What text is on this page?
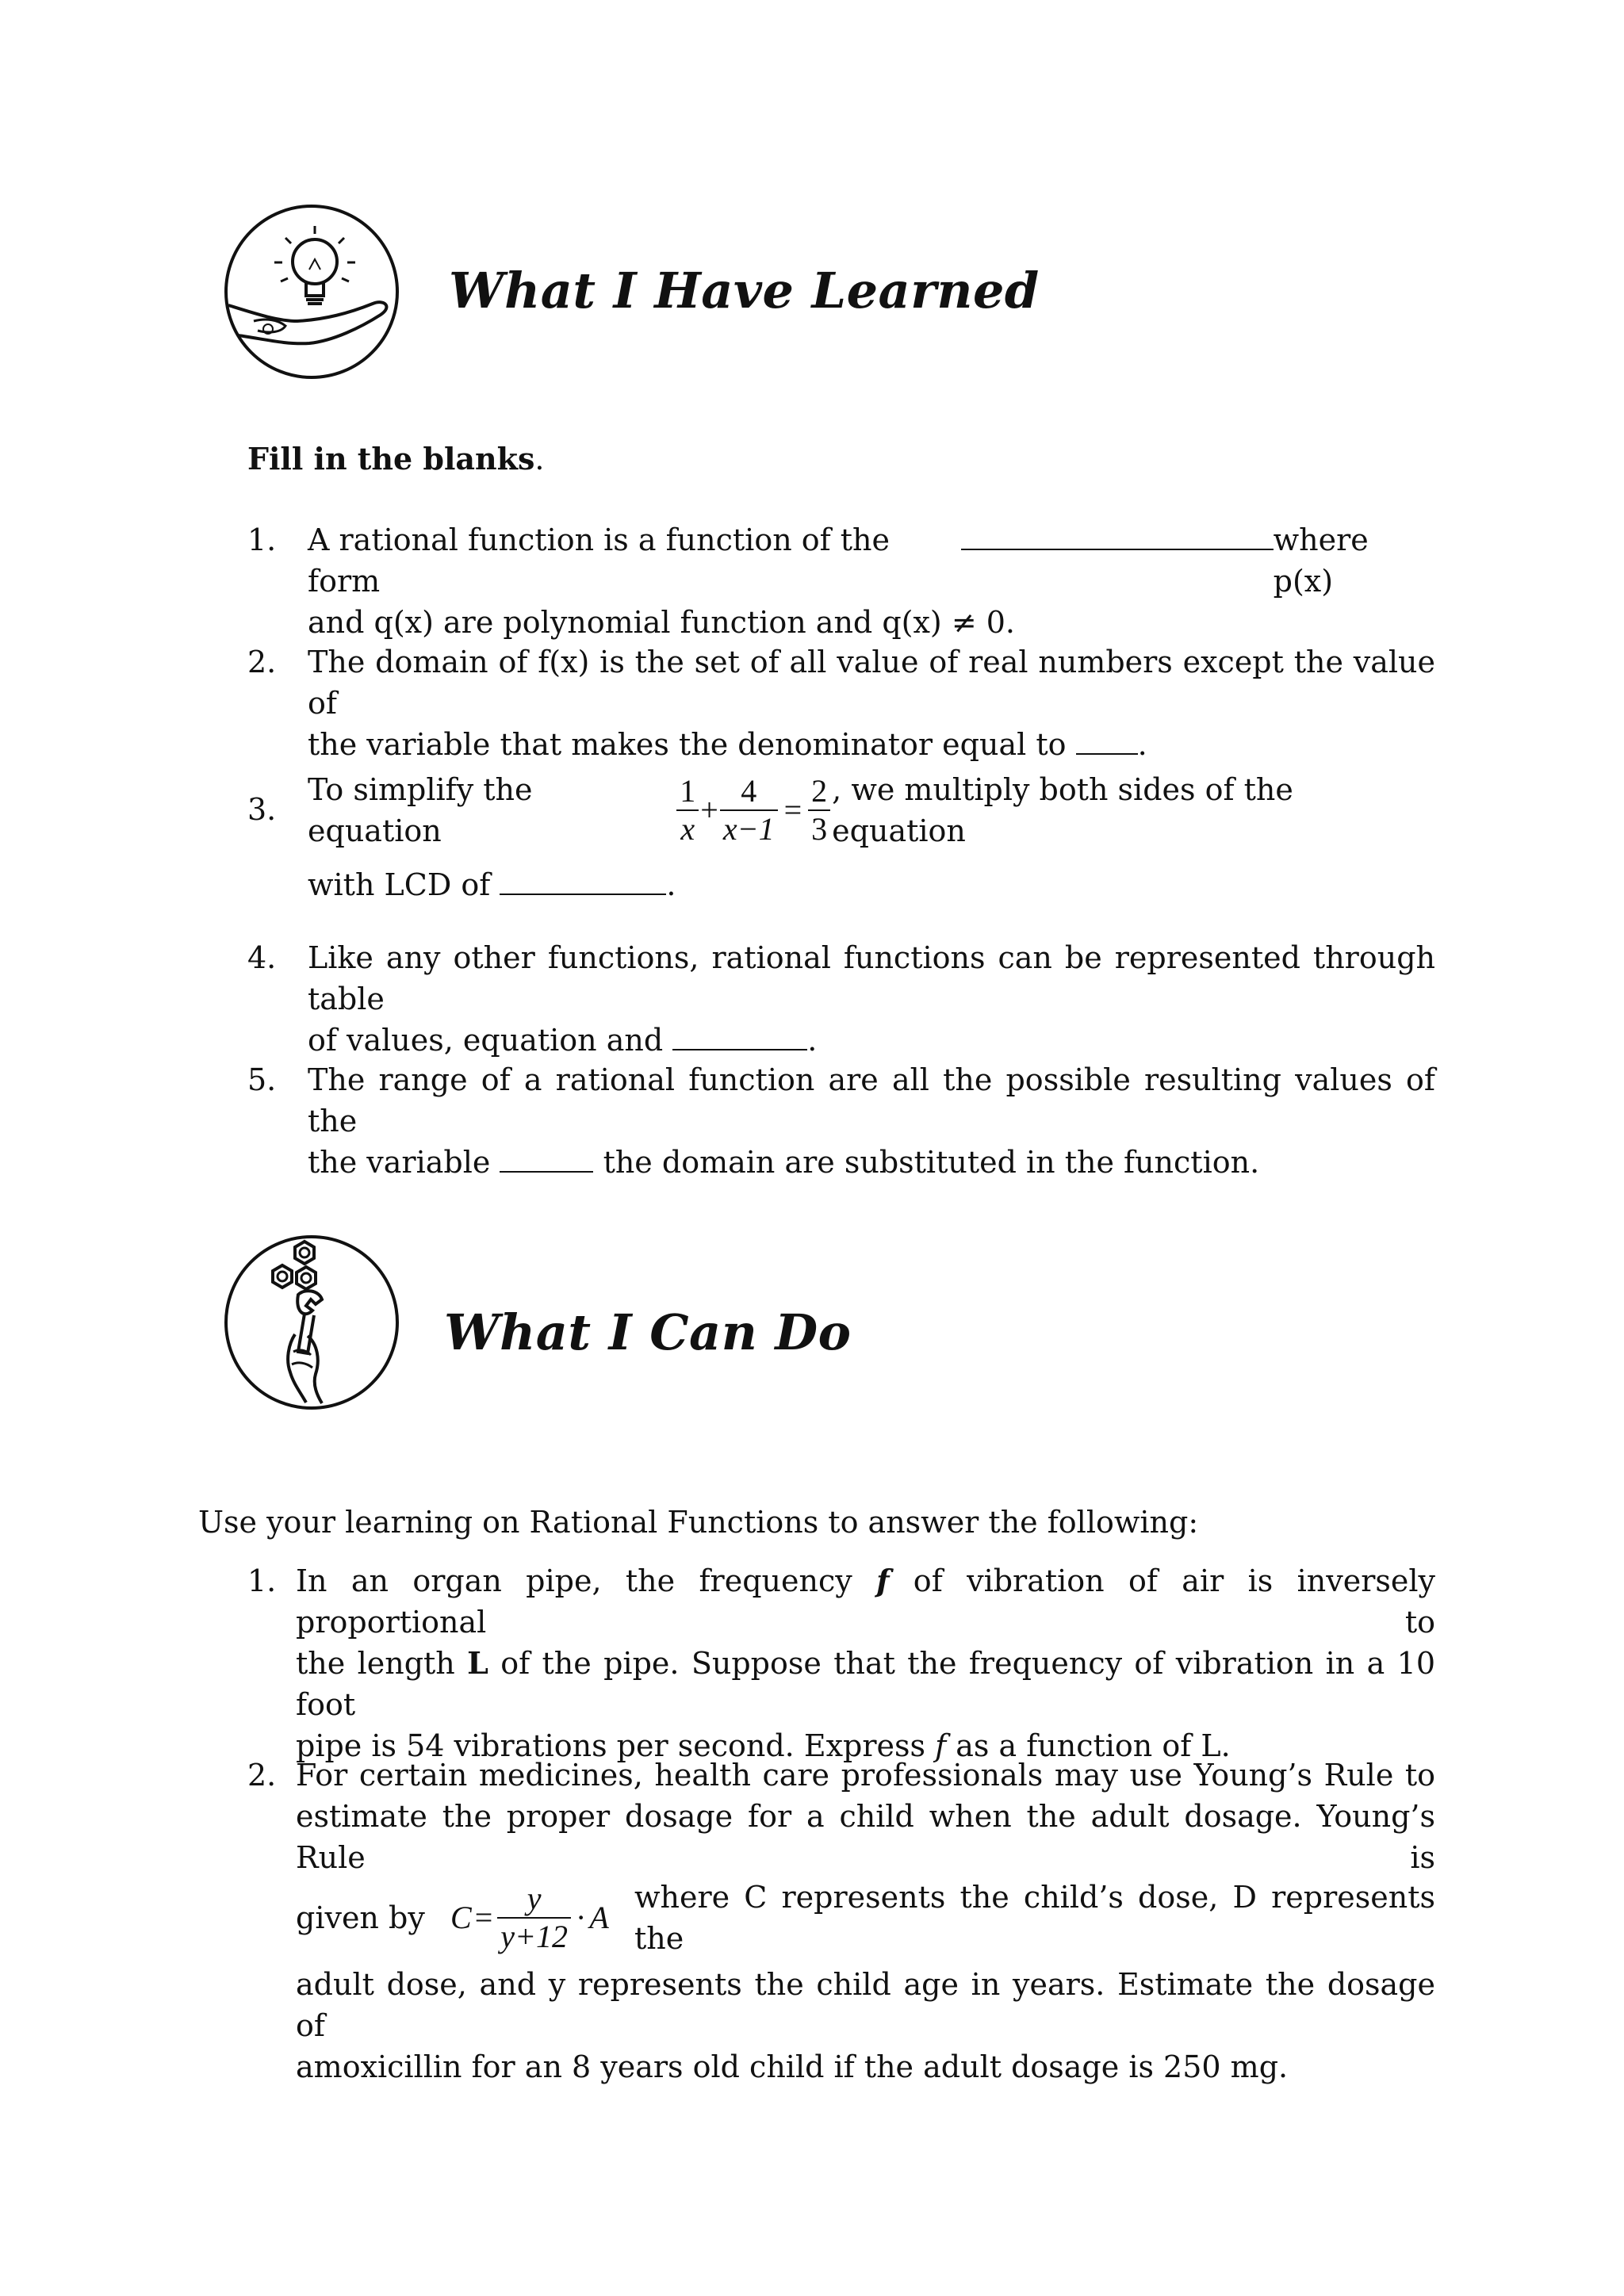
What I Have Learned
Fill in the blanks.
1. A rational function is a function of the form
where p(x)
and q(x) are polynomial function and q(x) ≠ 0.
2. The domain of f(x) is the set of all value of real numbers except the value of
the variable that makes the denominator equal to .
3.
To simplify the equation	$\frac{1}{x} + \frac{4}{x-1} = \frac{2}{3}$ , we multiply both sides of the equation
with LCD of	.
4. Like any other functions, rational functions can be represented through table
of values, equation and	.
5. The range of a rational function are all the possible resulting values of the
the variable	the domain are substituted in the function.
What I Can Do
Use your learning on Rational Functions to answer the following:
1. In an organ pipe, the frequency f of vibration of air is inversely proportional to
the length L of the pipe. Suppose that the frequency of vibration in a 10 foot
pipe is 54 vibrations per second. Express f as a function of L.
2. For certain medicines, health care professionals may use Young’s Rule to
estimate the proper dosage for a child when the adult dosage. Young’s Rule is
given by $C = \frac{y}{y+12} \cdot A$
where C represents the child’s dose, D represents the
adult dose, and y represents the child age in years. Estimate the dosage of
amoxicillin for an 8 years old child if the adult dosage is 250 mg.
